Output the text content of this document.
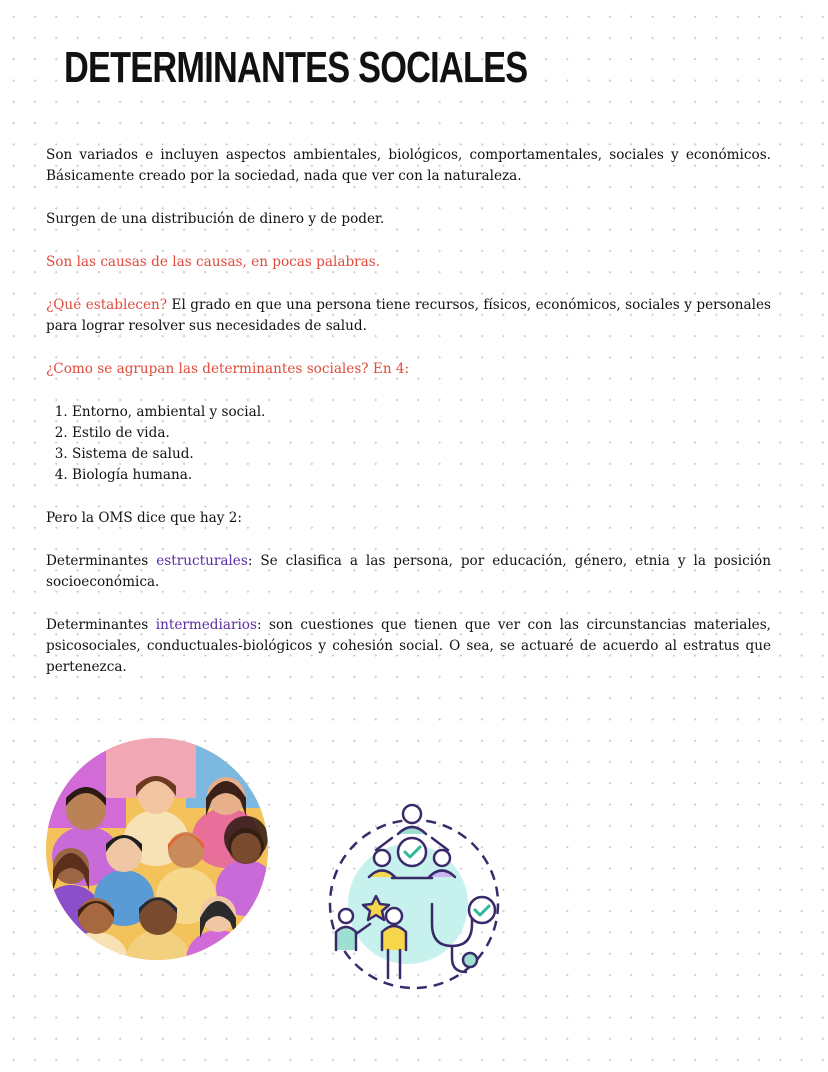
DETERMINANTES SOCIALES

Son variados e incluyen aspectos ambientales, biológicos, comportamentales, sociales y económicos. Básicamente creado por la sociedad, nada que ver con la naturaleza.

Surgen de una distribución de dinero y de poder.

Son las causas de las causas, en pocas palabras.

¿Qué establecen? El grado en que una persona tiene recursos, físicos, económicos, sociales y personales para lograr resolver sus necesidades de salud.

¿Como se agrupan las determinantes sociales? En 4:

1. Entorno, ambiental y social.
2. Estilo de vida.
3. Sistema de salud.
4. Biología humana.

Pero la OMS dice que hay 2:

Determinantes estructurales: Se clasifica a las persona, por educación, género, etnia y la posición socioeconómica.

Determinantes intermediarios: son cuestiones que tienen que ver con las circunstancias materiales, psicosociales, conductuales-biológicos y cohesión social. O sea, se actuaré de acuerdo al estratus que pertenezca.
